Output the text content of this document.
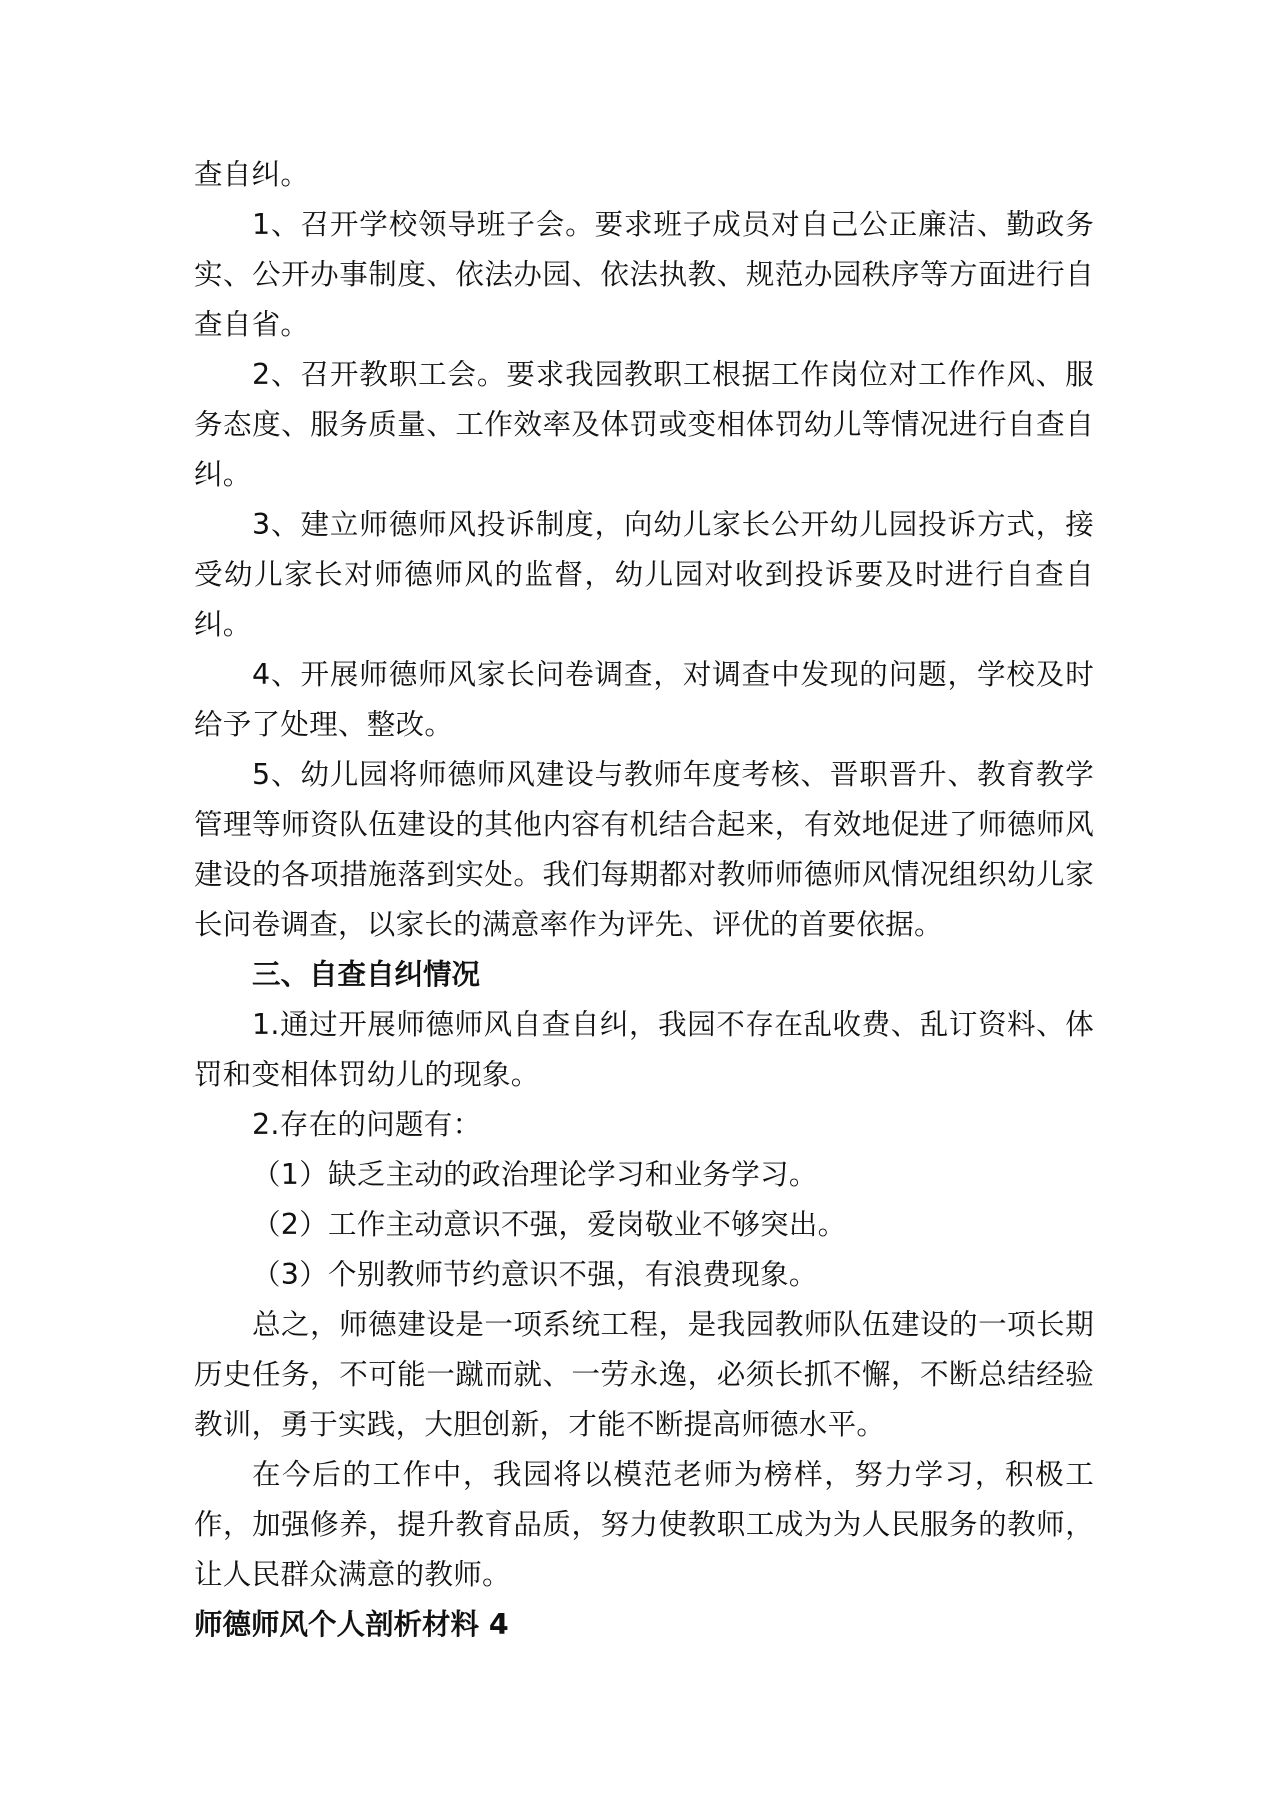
查自纠。

1、召开学校领导班子会。要求班子成员对自己公正廉洁、勤政务实、公开办事制度、依法办园、依法执教、规范办园秩序等方面进行自查自省。

2、召开教职工会。要求我园教职工根据工作岗位对工作作风、服务态度、服务质量、工作效率及体罚或变相体罚幼儿等情况进行自查自纠。

3、建立师德师风投诉制度，向幼儿家长公开幼儿园投诉方式，接受幼儿家长对师德师风的监督，幼儿园对收到投诉要及时进行自查自纠。

4、开展师德师风家长问卷调查，对调查中发现的问题，学校及时给予了处理、整改。

5、幼儿园将师德师风建设与教师年度考核、晋职晋升、教育教学管理等师资队伍建设的其他内容有机结合起来，有效地促进了师德师风建设的各项措施落到实处。我们每期都对教师师德师风情况组织幼儿家长问卷调查，以家长的满意率作为评先、评优的首要依据。

三、自查自纠情况

1.通过开展师德师风自查自纠，我园不存在乱收费、乱订资料、体罚和变相体罚幼儿的现象。

2.存在的问题有：

（1）缺乏主动的政治理论学习和业务学习。

（2）工作主动意识不强，爱岗敬业不够突出。

（3）个别教师节约意识不强，有浪费现象。

总之，师德建设是一项系统工程，是我园教师队伍建设的一项长期历史任务，不可能一蹴而就、一劳永逸，必须长抓不懈，不断总结经验教训，勇于实践，大胆创新，才能不断提高师德水平。

在今后的工作中，我园将以模范老师为榜样，努力学习，积极工作，加强修养，提升教育品质，努力使教职工成为为人民服务的教师，让人民群众满意的教师。

师德师风个人剖析材料 4
